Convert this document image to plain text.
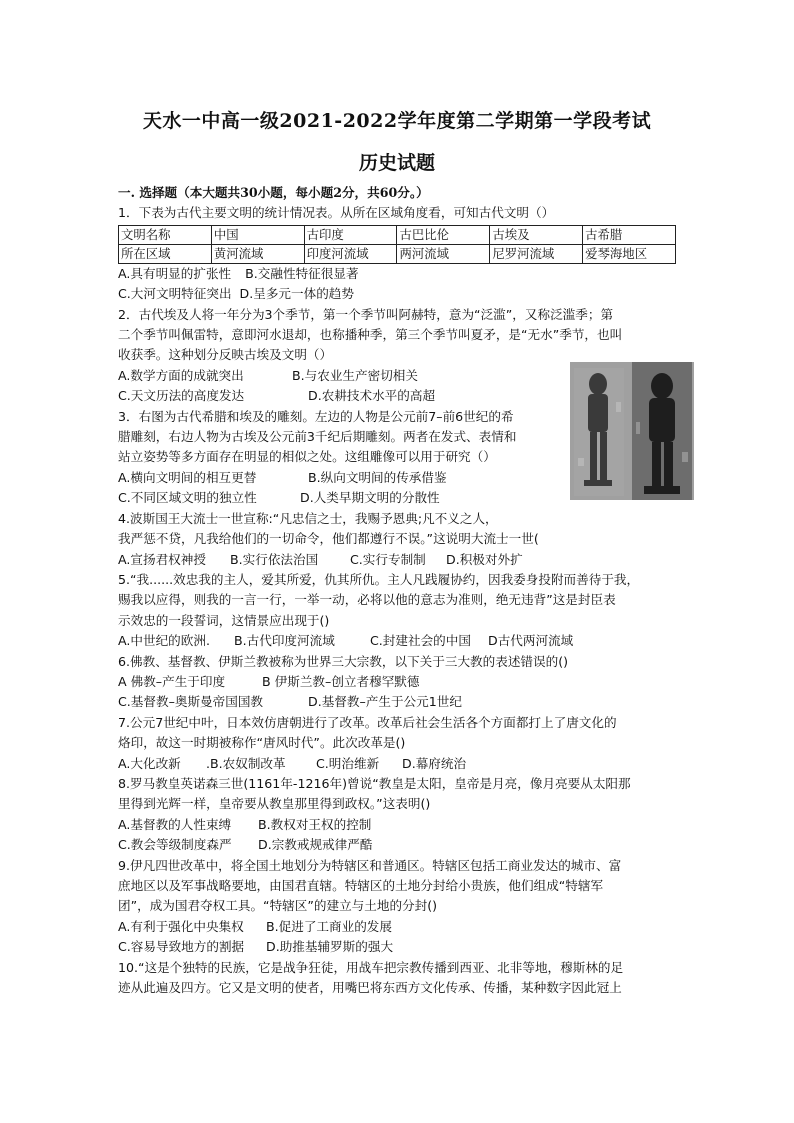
天水一中高一级2021-2022学年度第二学期第一学段考试
历史试题

一. 选择题（本大题共30小题，每小题2分，共60分。）

1．下表为古代主要文明的统计情况表。从所在区域角度看，可知古代文明（）

文明名称	中国	古印度	古巴比伦	古埃及	古希腊
所在区域	黄河流域	印度河流域	两河流域	尼罗河流域	爱琴海地区

A.具有明显的扩张性 B.交融性特征很显著

C.大河文明特征突出 D.呈多元一体的趋势

2．古代埃及人将一年分为3个季节，第一个季节叫阿赫特，意为“泛滥”，又称泛滥季；第

二个季节叫佩雷特，意即河水退却，也称播种季，第三个季节叫夏矛，是“无水”季节，也叫

收获季。这种划分反映古埃及文明（）

A.数学方面的成就突出	B.与农业生产密切相关

C.天文历法的高度发达	D.农耕技术水平的高超

3．右图为古代希腊和埃及的雕刻。左边的人物是公元前7–前6世纪的希

腊雕刻，右边人物为古埃及公元前3千纪后期雕刻。两者在发式、表情和

站立姿势等多方面存在明显的相似之处。这组雕像可以用于研究（）

A.横向文明间的相互更替	B.纵向文明间的传承借鉴

C.不同区域文明的独立性	D.人类早期文明的分散性

4.波斯国王大流士一世宣称:“凡忠信之士，我赐予恩典;凡不义之人，

我严惩不贷，凡我给他们的一切命令，他们都遵行不误。”这说明大流士一世(

A.宣扬君权神授	B.实行依法治国	C.实行专制制	D.积极对外扩

5.“我......效忠我的主人，爱其所爱，仇其所仇。主人凡践履协约，因我委身投附而善待于我，

赐我以应得，则我的一言一行，一举一动，必将以他的意志为准则，绝无违背”这是封臣表

示效忠的一段誓词，这情景应出现于()

A.中世纪的欧洲.	B.古代印度河流域	C.封建社会的中国	D古代两河流域

6.佛教、基督教、伊斯兰教被称为世界三大宗教，以下关于三大教的表述错误的()

A 佛教–产生于印度	B 伊斯兰教–创立者穆罕默德

C.基督教–奥斯曼帝国国教	D.基督教–产生于公元1世纪

7.公元7世纪中叶，日本效仿唐朝进行了改革。改革后社会生活各个方面都打上了唐文化的

烙印，故这一时期被称作“唐风时代”。此次改革是()

A.大化改新	.B.农奴制改革	C.明治维新	D.幕府统治

8.罗马教皇英诺森三世(1161年-1216年)曾说“教皇是太阳，皇帝是月亮，像月亮要从太阳那

里得到光辉一样，皇帝要从教皇那里得到政权。”这表明()

A.基督教的人性束缚	B.教权对王权的控制

C.教会等级制度森严	D.宗教戒规戒律严酷

9.伊凡四世改革中，将全国土地划分为特辖区和普通区。特辖区包括工商业发达的城市、富

庶地区以及军事战略要地，由国君直辖。特辖区的土地分封给小贵族，他们组成“特辖军

团”，成为国君夺权工具。“特辖区”的建立与土地的分封()

A.有利于强化中央集权	B.促进了工商业的发展

C.容易导致地方的割据	D.助推基辅罗斯的强大

10.“这是个独特的民族，它是战争狂徒，用战车把宗教传播到西亚、北非等地，穆斯林的足

迹从此遍及四方。它又是文明的使者，用嘴巴将东西方文化传承、传播，某种数字因此冠上
